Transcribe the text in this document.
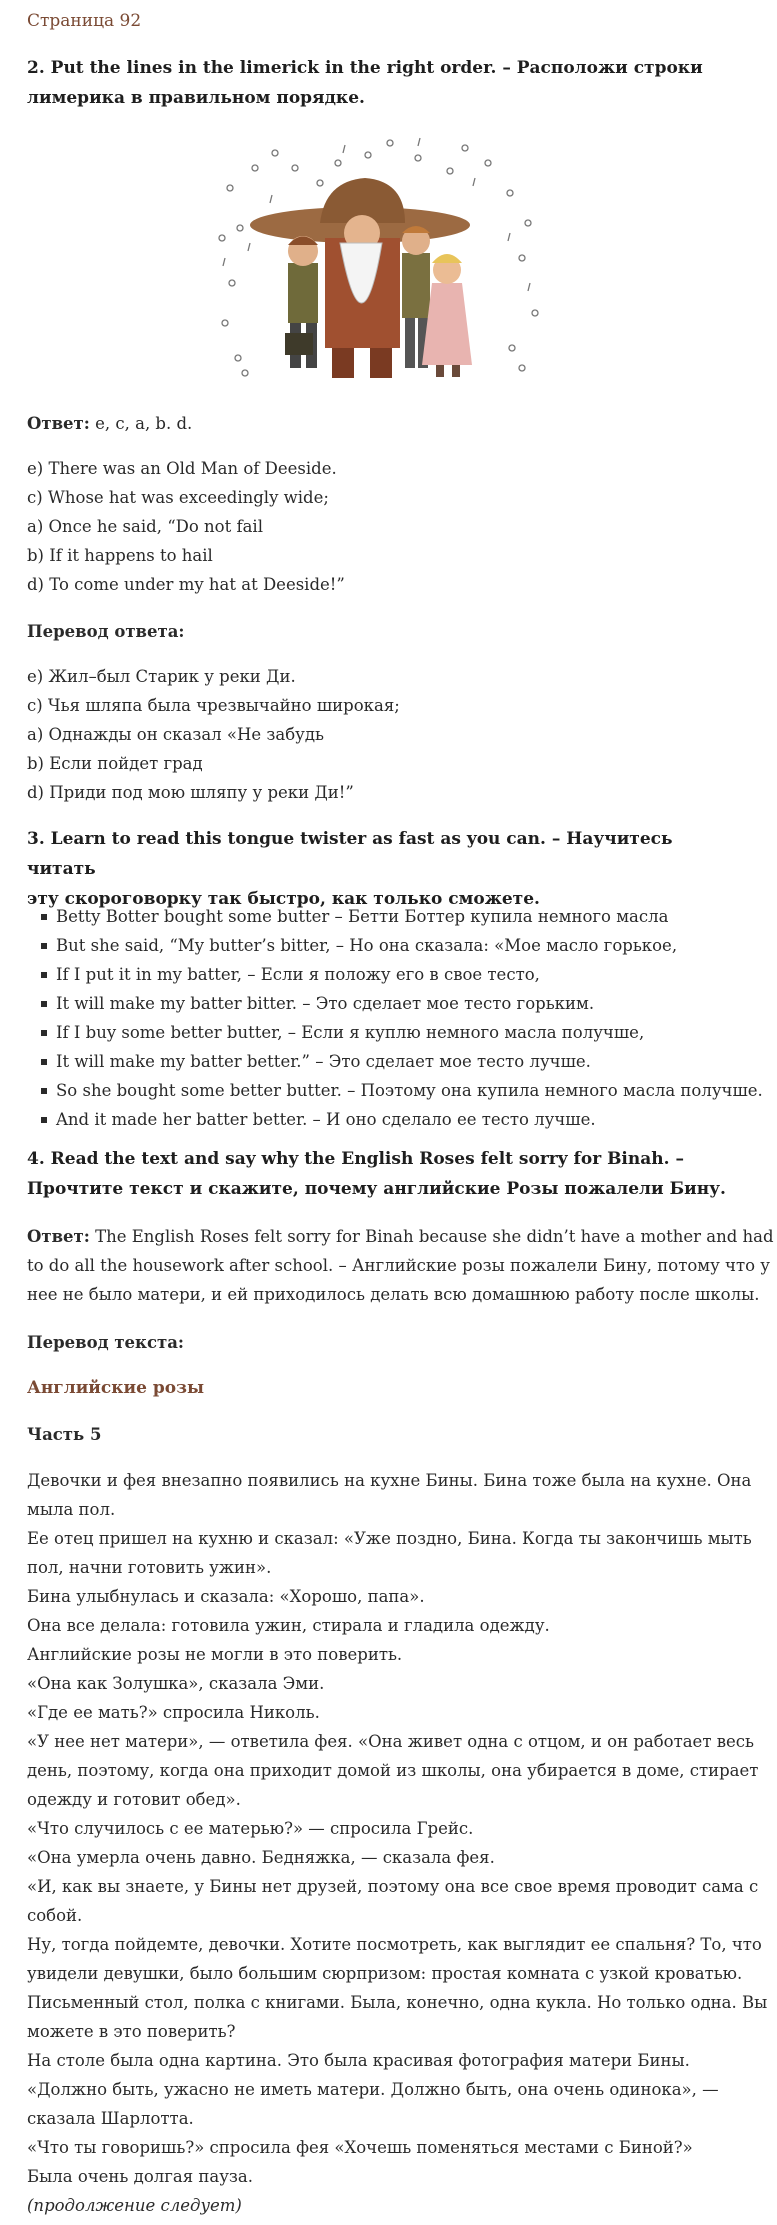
Страница 92
2. Put the lines in the limerick in the right order. – Расположи строки
лимерика в правильном порядке.
Ответ: e, c, a, b. d.
e) There was an Old Man of Deeside.
c) Whose hat was exceedingly wide;
a) Once he said, “Do not fail
b) If it happens to hail
d) To come under my hat at Deeside!”
Перевод ответа:
e) Жил–был Старик у реки Ди.
c) Чья шляпа была чрезвычайно широкая;
a) Однажды он сказал «Не забудь
b) Если пойдет град
d) Приди под мою шляпу у реки Ди!”
3. Learn to read this tongue twister as fast as you can. – Научитесь читать
эту скороговорку так быстро, как только сможете.
Betty Botter bought some butter – Бетти Боттер купила немного масла
But she said, “My butter’s bitter, – Но она сказала: «Мое масло горькое,
If I put it in my batter, – Если я положу его в свое тесто,
It will make my batter bitter. – Это сделает мое тесто горьким.
If I buy some better butter, – Если я куплю немного масла получше,
It will make my batter better.” – Это сделает мое тесто лучше.
So she bought some better butter. – Поэтому она купила немного масла получше.
And it made her batter better. – И оно сделало ее тесто лучше.
4. Read the text and say why the English Roses felt sorry for Binah. –
Прочтите текст и скажите, почему английские Розы пожалели Бину.
Ответ: The English Roses felt sorry for Binah because she didn’t have a mother and had
to do all the housework after school. – Английские розы пожалели Бину, потому что у
нее не было матери, и ей приходилось делать всю домашнюю работу после школы.
Перевод текста:
Английские розы
Часть 5
Девочки и фея внезапно появились на кухне Бины. Бина тоже была на кухне. Она
мыла пол.
Ее отец пришел на кухню и сказал: «Уже поздно, Бина. Когда ты закончишь мыть
пол, начни готовить ужин».
Бина улыбнулась и сказала: «Хорошо, папа».
Она все делала: готовила ужин, стирала и гладила одежду.
Английские розы не могли в это поверить.
«Она как Золушка», сказала Эми.
«Где ее мать?» спросила Николь.
«У нее нет матери», — ответила фея. «Она живет одна с отцом, и он работает весь
день, поэтому, когда она приходит домой из школы, она убирается в доме, стирает
одежду и готовит обед».
«Что случилось с ее матерью?» — спросила Грейс.
«Она умерла очень давно. Бедняжка, — сказала фея.
«И, как вы знаете, у Бины нет друзей, поэтому она все свое время проводит сама с
собой.
Ну, тогда пойдемте, девочки. Хотите посмотреть, как выглядит ее спальня? То, что
увидели девушки, было большим сюрпризом: простая комната с узкой кроватью.
Письменный стол, полка с книгами. Была, конечно, одна кукла. Но только одна. Вы
можете в это поверить?
На столе была одна картина. Это была красивая фотография матери Бины.
«Должно быть, ужасно не иметь матери. Должно быть, она очень одинока», —
сказала Шарлотта.
«Что ты говоришь?» спросила фея «Хочешь поменяться местами с Биной?»
Была очень долгая пауза.
(продолжение следует)
